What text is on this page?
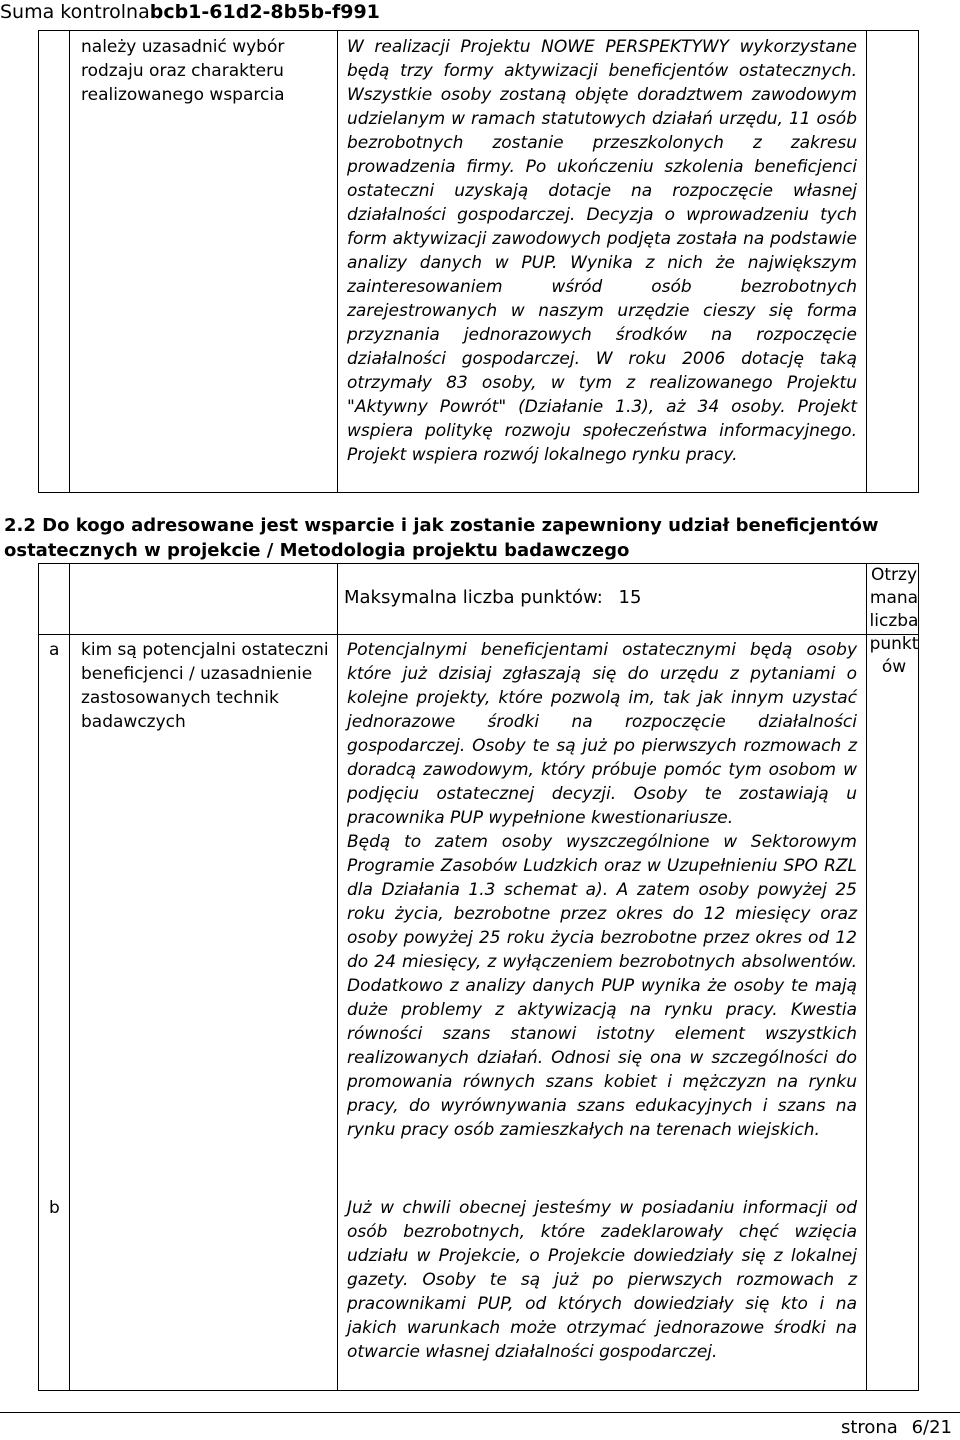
Suma kontrolnabcb1-61d2-8b5b-f991
należy uzasadnić wybór rodzaju oraz charakteru realizowanego wsparcia
W realizacji Projektu NOWE PERSPEKTYWY wykorzystane będą trzy formy aktywizacji beneficjentów ostatecznych. Wszystkie osoby zostaną objęte doradztwem zawodowym udzielanym w ramach statutowych działań urzędu, 11 osób bezrobotnych zostanie przeszkolonych z zakresu prowadzenia firmy. Po ukończeniu szkolenia beneficjenci ostateczni uzyskają dotacje na rozpoczęcie własnej działalności gospodarczej. Decyzja o wprowadzeniu tych form aktywizacji zawodowych podjęta została na podstawie analizy danych w PUP. Wynika z nich że największym zainteresowaniem wśród osób bezrobotnych zarejestrowanych w naszym urzędzie cieszy się forma przyznania jednorazowych środków na rozpoczęcie działalności gospodarczej. W roku 2006 dotację taką otrzymały 83 osoby, w tym z realizowanego Projektu "Aktywny Powrót" (Działanie 1.3), aż 34 osoby. Projekt wspiera politykę rozwoju społeczeństwa informacyjnego. Projekt wspiera rozwój lokalnego rynku pracy.
2.2 Do kogo adresowane jest wsparcie i jak zostanie zapewniony udział beneficjentów ostatecznych w projekcie / Metodologia projektu badawczego
Maksymalna liczba punktów: 15
Otrzymana liczba punktów
a kim są potencjalni ostateczni beneficjenci / uzasadnienie zastosowanych technik badawczych

Potencjalnymi beneficjentami ostatecznymi będą osoby które już dzisiaj zgłaszają się do urzędu z pytaniami o kolejne projekty, które pozwolą im, tak jak innym uzystać jednorazowe środki na rozpoczęcie działalności gospodarczej. Osoby te są już po pierwszych rozmowach z doradcą zawodowym, który próbuje pomóc tym osobom w podjęciu ostatecznej decyzji. Osoby te zostawiają u pracownika PUP wypełnione kwestionariusze.

Będą to zatem osoby wyszczególnione w Sektorowym Programie Zasobów Ludzkich oraz w Uzupełnieniu SPO RZL dla Działania 1.3 schemat a). A zatem osoby powyżej 25 roku życia, bezrobotne przez okres do 12 miesięcy oraz osoby powyżej 25 roku życia bezrobotne przez okres od 12 do 24 miesięcy, z wyłączeniem bezrobotnych absolwentów. Dodatkowo z analizy danych PUP wynika że osoby te mają duże problemy z aktywizacją na rynku pracy. Kwestia równości szans stanowi istotny element wszystkich realizowanych działań. Odnosi się ona w szczególności do promowania równych szans kobiet i mężczyzn na rynku pracy, do wyrównywania szans edukacyjnych i szans na rynku pracy osób zamieszkałych na terenach wiejskich.

b	Już w chwili obecnej jesteśmy w posiadaniu informacji od osób bezrobotnych, które zadeklarowały chęć wzięcia udziału w Projekcie, o Projekcie dowiedziały się z lokalnej gazety. Osoby te są już po pierwszych rozmowach z pracownikami PUP, od których dowiedziały się kto i na jakich warunkach może otrzymać jednorazowe środki na otwarcie własnej działalności gospodarczej.
strona 6/21
